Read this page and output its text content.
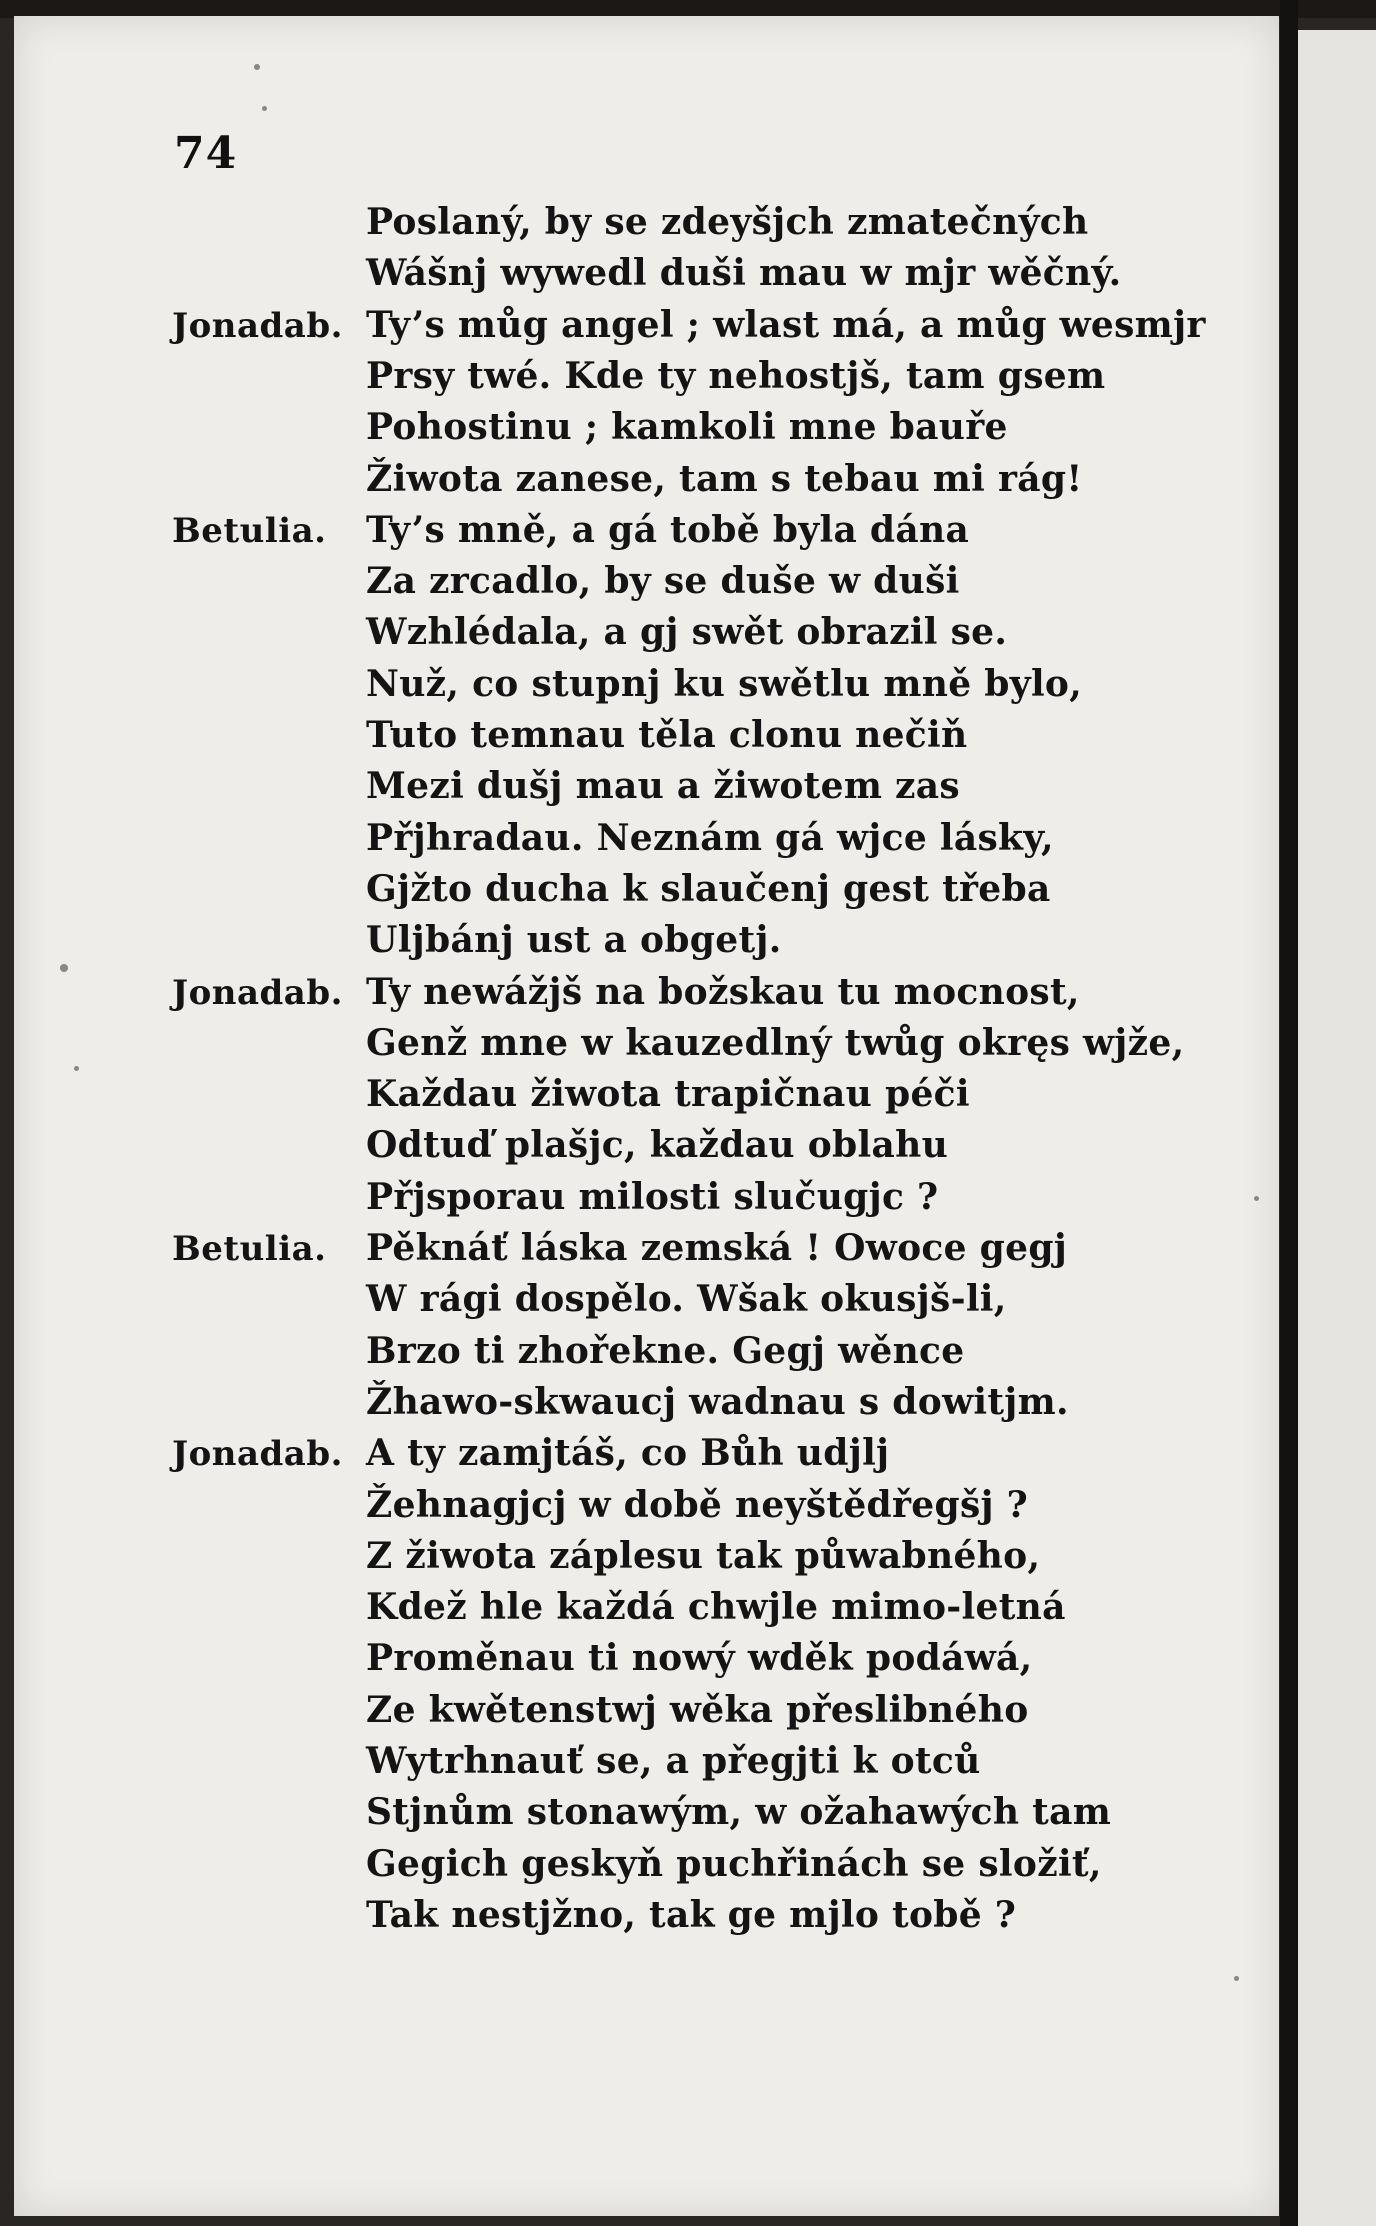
74
Poslaný, by se zdeyšjch zmatečných
Wášnj wywedl duši mau w mjr wěčný.
Jonadab. Ty’s můg angel ; wlast má, a můg wesmjr
Prsy twé. Kde ty nehostjš, tam gsem
Pohostinu ; kamkoli mne bauře
Žiwota zanese, tam s tebau mi rág!
Betulia. Ty’s mně, a gá tobě byla dána
Za zrcadlo, by se duše w duši
Wzhlédala, a gj swět obrazil se.
Nuž, co stupnj ku swětlu mně bylo,
Tuto temnau těla clonu nečiň
Mezi dušj mau a žiwotem zas
Přjhradau. Neznám gá wjce lásky,
Gjžto ducha k slaučenj gest třeba
Uljbánj ust a obgetj.
Jonadab. Ty newážjš na božskau tu mocnost,
Genž mne w kauzedlný twůg okręs wjže,
Každau žiwota trapičnau péči
Odtuď plašjc, každau oblahu
Přjsporau milosti slučugjc ?
Betulia. Pěknáť láska zemská ! Owoce gegj
W rági dospělo. Wšak okusjš-li,
Brzo ti zhořekne. Gegj wěnce
Žhawo-skwaucj wadnau s dowitjm.
Jonadab. A ty zamjtáš, co Bůh udjlj
Žehnagjcj w době neyštědřegšj ?
Z žiwota záplesu tak půwabného,
Kdež hle každá chwjle mimo-letná
Proměnau ti nowý wděk podáwá,
Ze kwětenstwj wěka přeslibného
Wytrhnauť se, a přegjti k otců
Stjnům stonawým, w ožahawých tam
Gegich geskyň puchřinách se složiť,
Tak nestjžno, tak ge mjlo tobě ?
